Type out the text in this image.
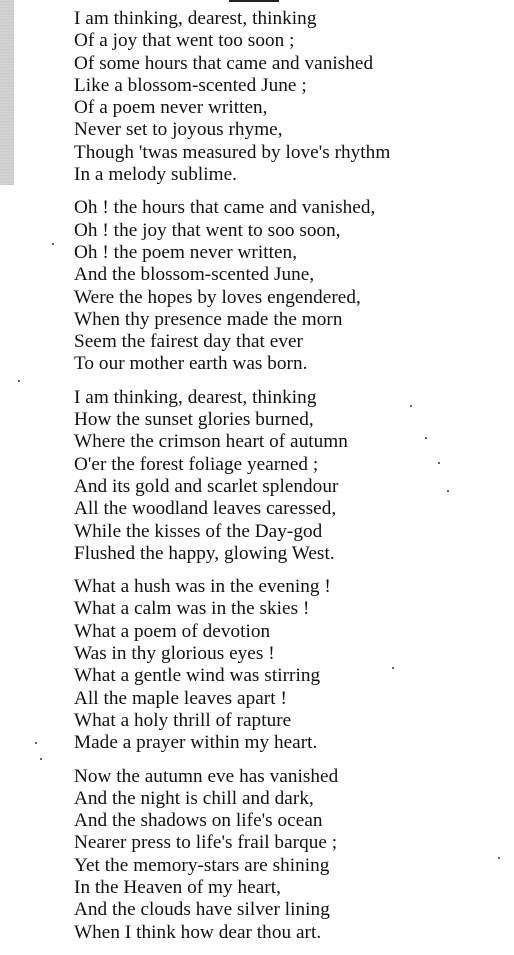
I am thinking, dearest, thinking
Of a joy that went too soon ;
Of some hours that came and vanished
Like a blossom-scented June ;
Of a poem never written,
Never set to joyous rhyme,
Though 'twas measured by love's rhythm
In a melody sublime.
Oh ! the hours that came and vanished,
Oh ! the joy that went to soo soon,
Oh ! the poem never written,
And the blossom-scented June,
Were the hopes by loves engendered,
When thy presence made the morn
Seem the fairest day that ever
To our mother earth was born.
I am thinking, dearest, thinking
How the sunset glories burned,
Where the crimson heart of autumn
O'er the forest foliage yearned ;
And its gold and scarlet splendour
All the woodland leaves caressed,
While the kisses of the Day-god
Flushed the happy, glowing West.
What a hush was in the evening !
What a calm was in the skies !
What a poem of devotion
Was in thy glorious eyes !
What a gentle wind was stirring
All the maple leaves apart !
What a holy thrill of rapture
Made a prayer within my heart.
Now the autumn eve has vanished
And the night is chill and dark,
And the shadows on life's ocean
Nearer press to life's frail barque ;
Yet the memory-stars are shining
In the Heaven of my heart,
And the clouds have silver lining
When I think how dear thou art.
